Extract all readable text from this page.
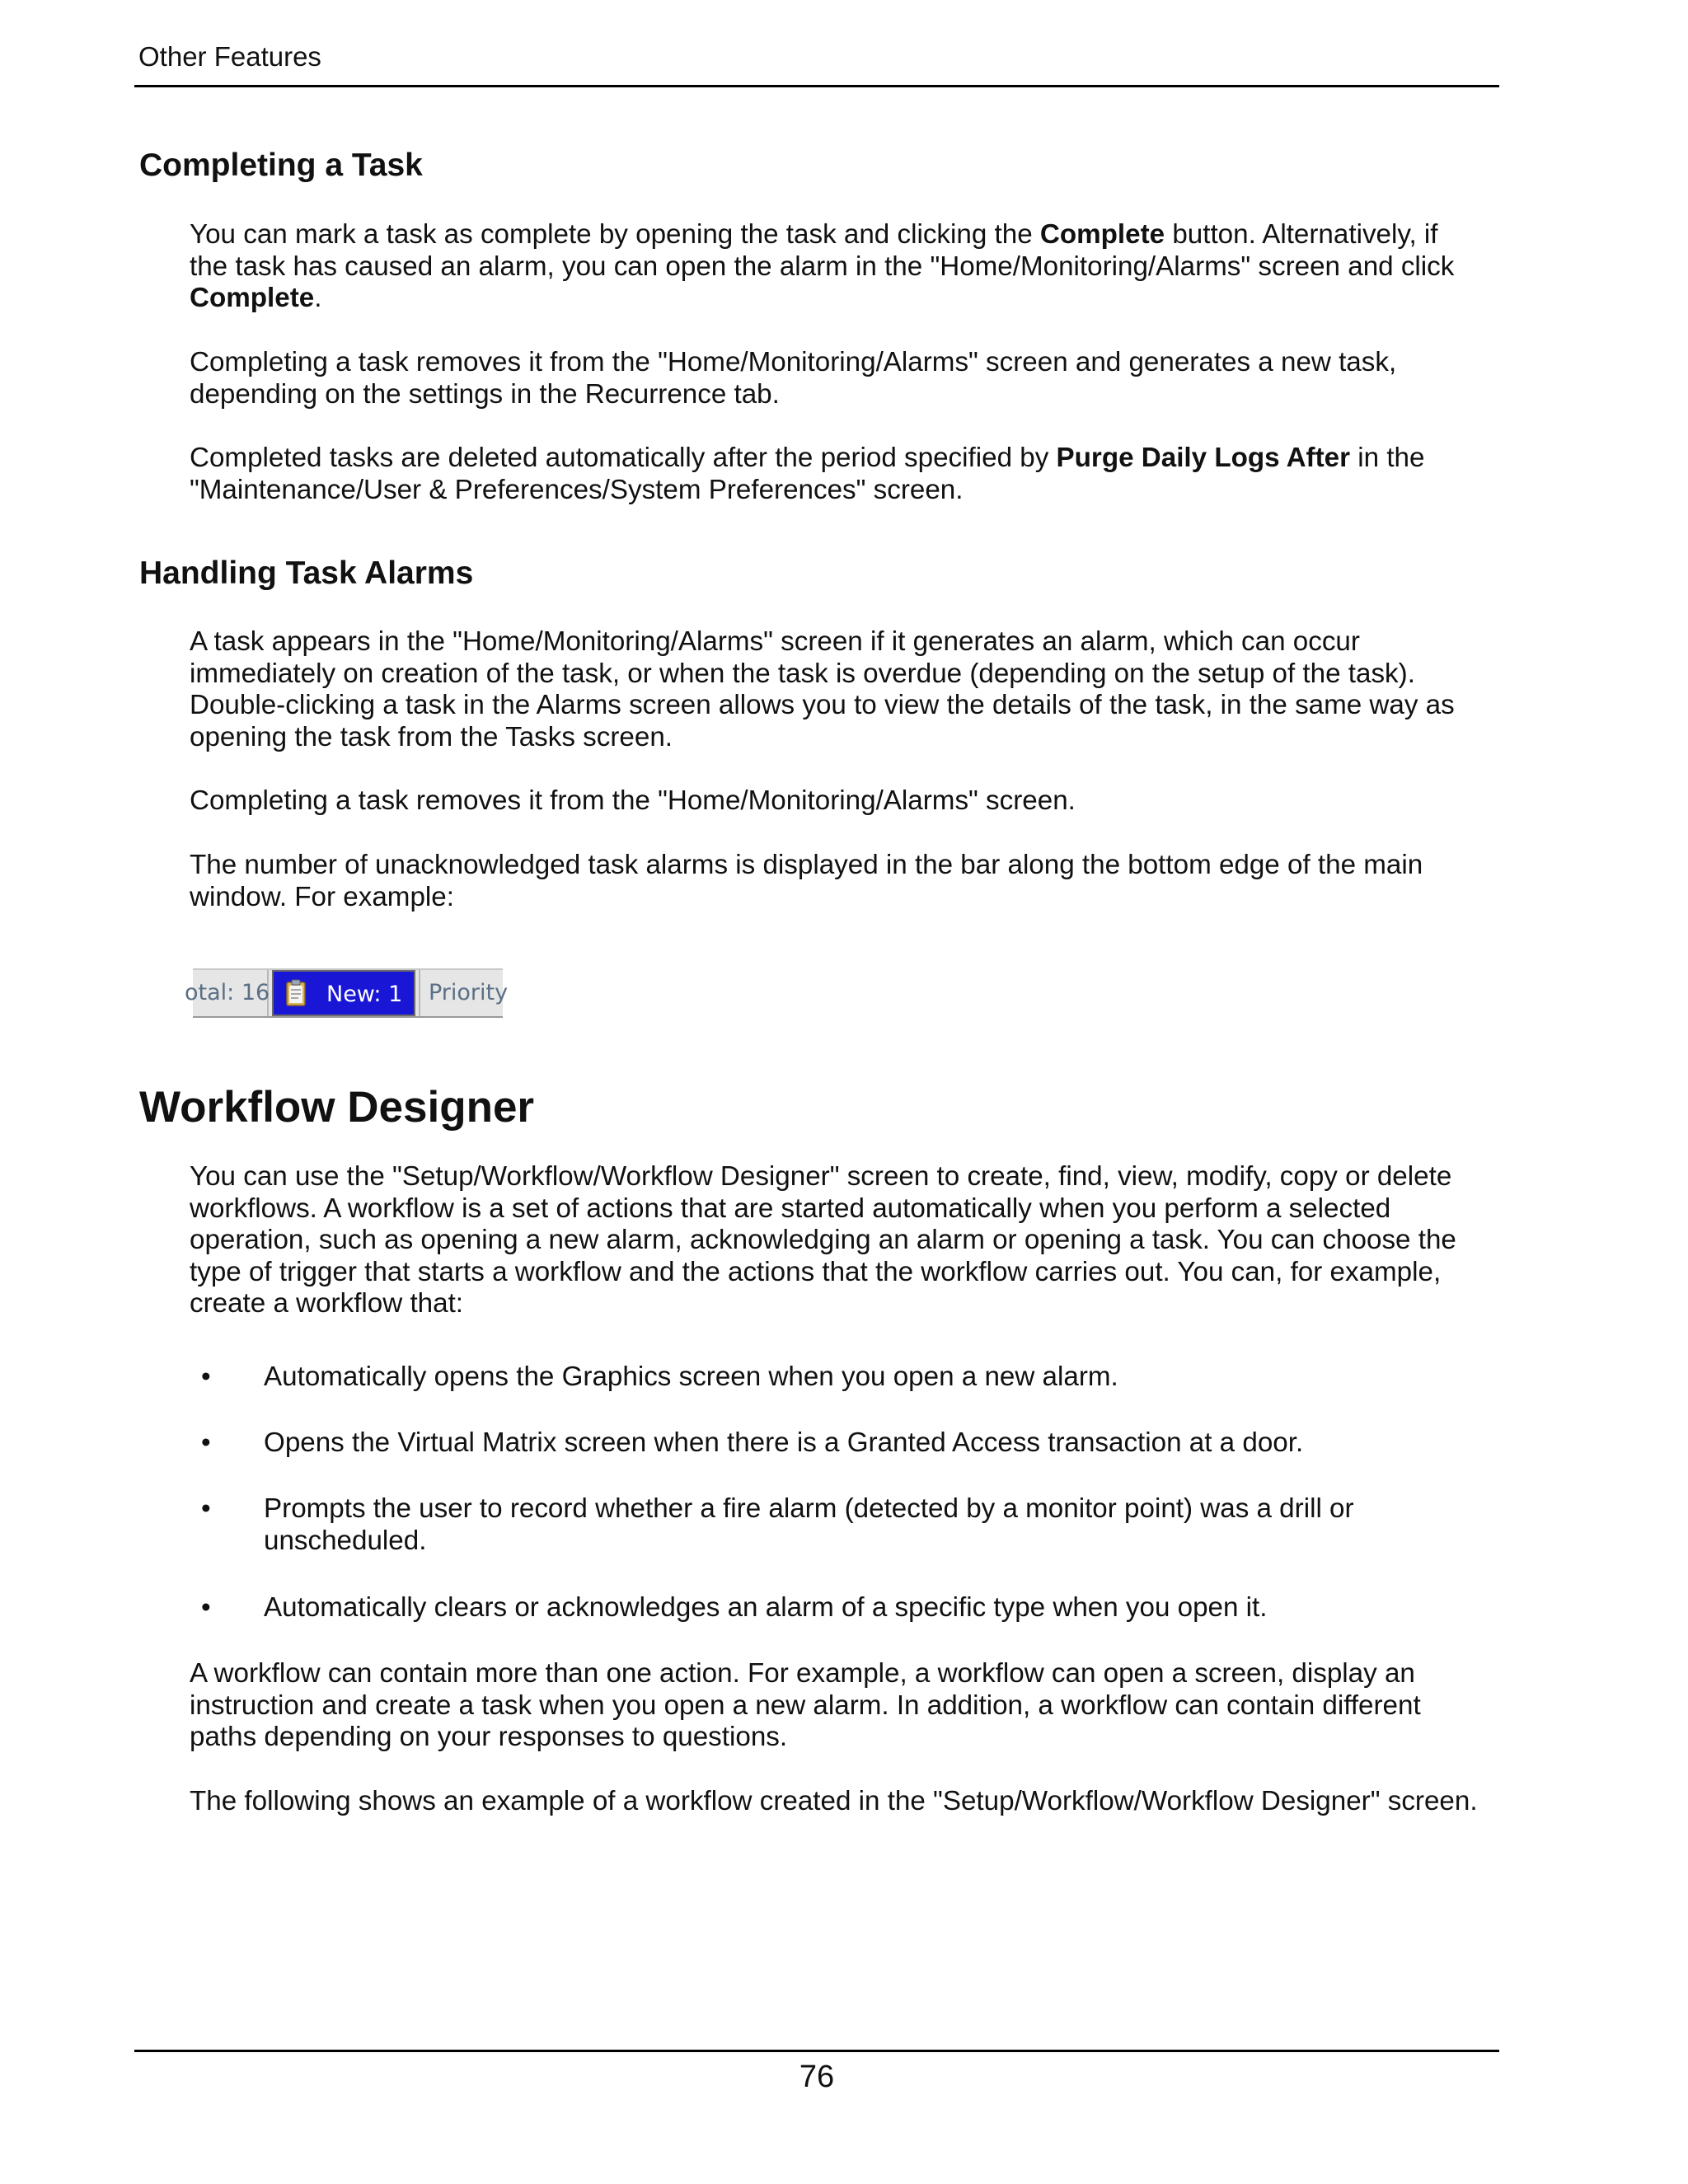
Other Features
Completing a Task
You can mark a task as complete by opening the task and clicking the Complete button. Alternatively, if
the task has caused an alarm, you can open the alarm in the "Home/Monitoring/Alarms" screen and click
Complete.
Completing a task removes it from the "Home/Monitoring/Alarms" screen and generates a new task,
depending on the settings in the Recurrence tab.
Completed tasks are deleted automatically after the period specified by Purge Daily Logs After in the
"Maintenance/User & Preferences/System Preferences" screen.
Handling Task Alarms
A task appears in the "Home/Monitoring/Alarms" screen if it generates an alarm, which can occur
immediately on creation of the task, or when the task is overdue (depending on the setup of the task).
Double-clicking a task in the Alarms screen allows you to view the details of the task, in the same way as
opening the task from the Tasks screen.
Completing a task removes it from the "Home/Monitoring/Alarms" screen.
The number of unacknowledged task alarms is displayed in the bar along the bottom edge of the main
window. For example:
otal: 16	New: 1	Priority
Workflow Designer
You can use the "Setup/Workflow/Workflow Designer" screen to create, find, view, modify, copy or delete
workflows. A workflow is a set of actions that are started automatically when you perform a selected
operation, such as opening a new alarm, acknowledging an alarm or opening a task. You can choose the
type of trigger that starts a workflow and the actions that the workflow carries out. You can, for example,
create a workflow that:
• Automatically opens the Graphics screen when you open a new alarm.
• Opens the Virtual Matrix screen when there is a Granted Access transaction at a door.
• Prompts the user to record whether a fire alarm (detected by a monitor point) was a drill or
unscheduled.
• Automatically clears or acknowledges an alarm of a specific type when you open it.
A workflow can contain more than one action. For example, a workflow can open a screen, display an
instruction and create a task when you open a new alarm. In addition, a workflow can contain different
paths depending on your responses to questions.
The following shows an example of a workflow created in the "Setup/Workflow/Workflow Designer" screen.
76
